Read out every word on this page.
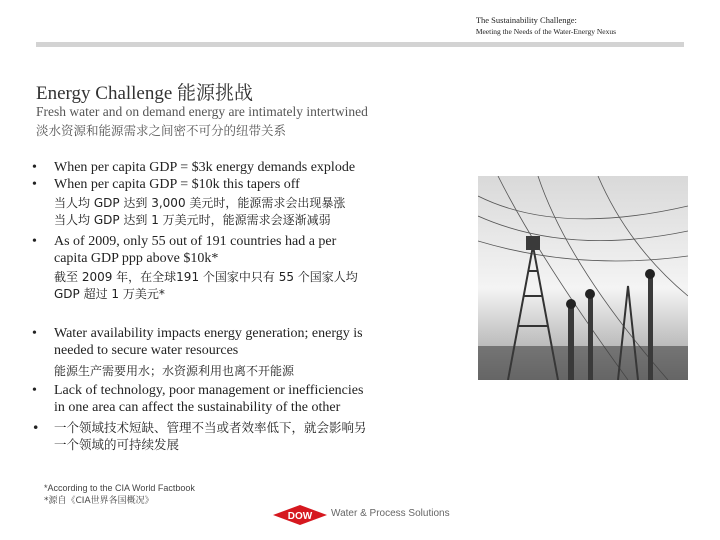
The Sustainability Challenge:
Meeting the Needs of the Water-Energy Nexus
Energy Challenge 能源挑战
Fresh water and on demand energy are intimately intertwined
淡水资源和能源需求之间密不可分的纽带关系
• When per capita GDP = $3k energy demands explode
• When per capita GDP = $10k this tapers off
当人均 GDP 达到 3,000 美元时，能源需求会出现暴涨
当人均 GDP 达到 1 万美元时，能源需求会逐渐减弱
• As of 2009, only 55 out of 191 countries had a per
capita GDP ppp above $10k*
截至 2009 年，在全球191 个国家中只有 55 个国家人均
GDP 超过 1 万美元*
• Water availability impacts energy generation; energy is
needed to secure water resources
能源生产需要用水；水资源利用也离不开能源
• Lack of technology, poor management or inefficiencies
in one area can affect the sustainability of the other
• 一个领域技术短缺、管理不当或者效率低下，就会影响另
一个领域的可持续发展
*According to the CIA World Factbook
*源自《CIA世界各国概况》
DOW Water & Process Solutions
